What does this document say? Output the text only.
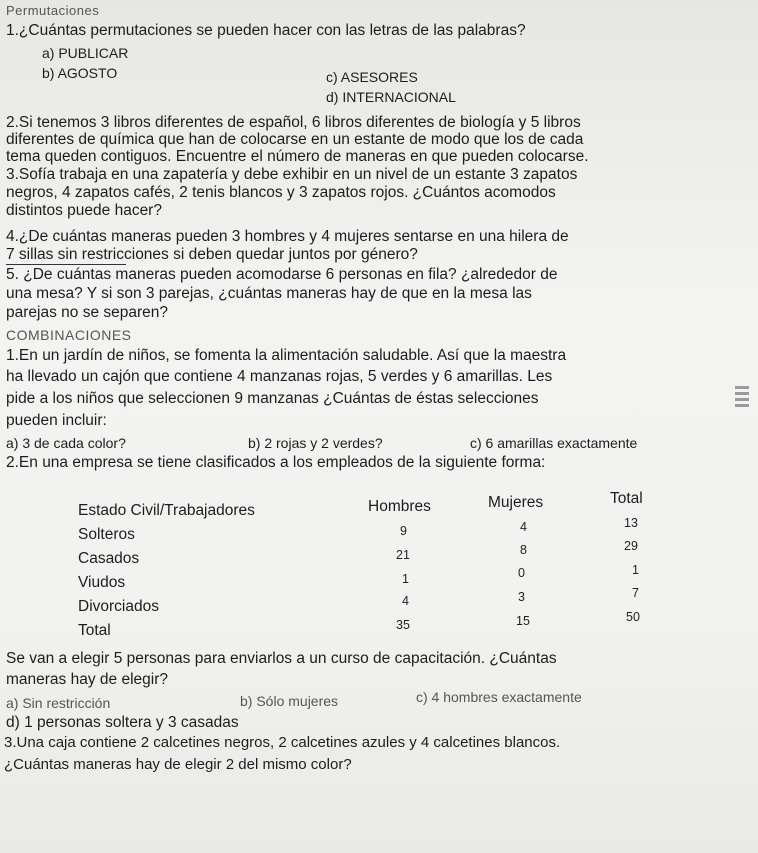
Permutaciones
1.¿Cuántas permutaciones se pueden hacer con las letras de las palabras?
a) PUBLICAR
b) AGOSTO	c) ASESORES
d) INTERNACIONAL
2.Si tenemos 3 libros diferentes de español, 6 libros diferentes de biología y 5 libros
diferentes de química que han de colocarse en un estante de modo que los de cada
tema queden contiguos. Encuentre el número de maneras en que pueden colocarse.
3.Sofía trabaja en una zapatería y debe exhibir en un nivel de un estante 3 zapatos
negros, 4 zapatos cafés, 2 tenis blancos y 3 zapatos rojos. ¿Cuántos acomodos
distintos puede hacer?
4.¿De cuántas maneras pueden 3 hombres y 4 mujeres sentarse en una hilera de
7 sillas sin restricciones si deben quedar juntos por género?
5. ¿De cuántas maneras pueden acomodarse 6 personas en fila? ¿alrededor de
una mesa? Y si son 3 parejas, ¿cuántas maneras hay de que en la mesa las
parejas no se separen?
COMBINACIONES
1.En un jardín de niños, se fomenta la alimentación saludable. Así que la maestra
ha llevado un cajón que contiene 4 manzanas rojas, 5 verdes y 6 amarillas. Les
pide a los niños que seleccionen 9 manzanas ¿Cuántas de éstas selecciones
pueden incluir:
a) 3 de cada color?	b) 2 rojas y 2 verdes?	c) 6 amarillas exactamente
2.En una empresa se tiene clasificados a los empleados de la siguiente forma:
Estado Civil/Trabajadores	Hombres	Mujeres	Total
Solteros	9	4	13
Casados	21	8	29
Viudos	1	0	1
Divorciados	4	3	7
Total	35	15	50
Se van a elegir 5 personas para enviarlos a un curso de capacitación. ¿Cuántas
maneras hay de elegir?
a) Sin restricción	b) Sólo mujeres	c) 4 hombres exactamente
d) 1 personas soltera y 3 casadas
3.Una caja contiene 2 calcetines negros, 2 calcetines azules y 4 calcetines blancos.
¿Cuántas maneras hay de elegir 2 del mismo color?
